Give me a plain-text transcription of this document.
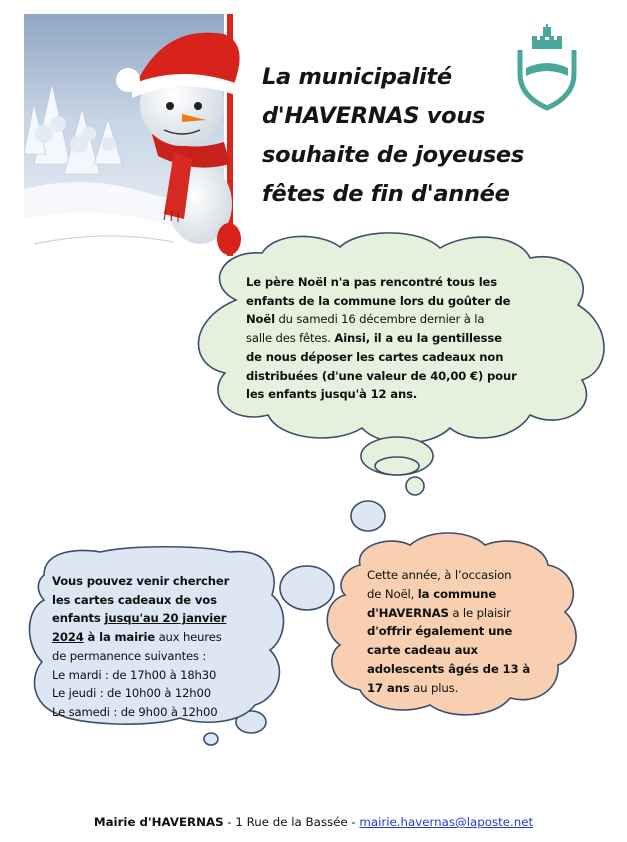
La municipalité
d'HAVERNAS vous
souhaite de joyeuses
fêtes de fin d'année
Le père Noël n'a pas rencontré tous les
enfants de la commune lors du goûter de
Noël du samedi 16 décembre dernier à la
salle des fêtes. Ainsi, il a eu la gentillesse
de nous déposer les cartes cadeaux non
distribuées (d'une valeur de 40,00 €) pour
les enfants jusqu'à 12 ans.
Vous pouvez venir chercher
les cartes cadeaux de vos
enfants jusqu'au 20 janvier
2024 à la mairie aux heures
de permanence suivantes :
Le mardi : de 17h00 à 18h30
Le jeudi : de 10h00 à 12h00
Le samedi : de 9h00 à 12h00
Cette année, à l’occasion
de Noël, la commune
d'HAVERNAS a le plaisir
d'offrir également une
carte cadeau aux
adolescents âgés de 13 à
17 ans au plus.
Mairie d'HAVERNAS - 1 Rue de la Bassée - mairie.havernas@laposte.net
